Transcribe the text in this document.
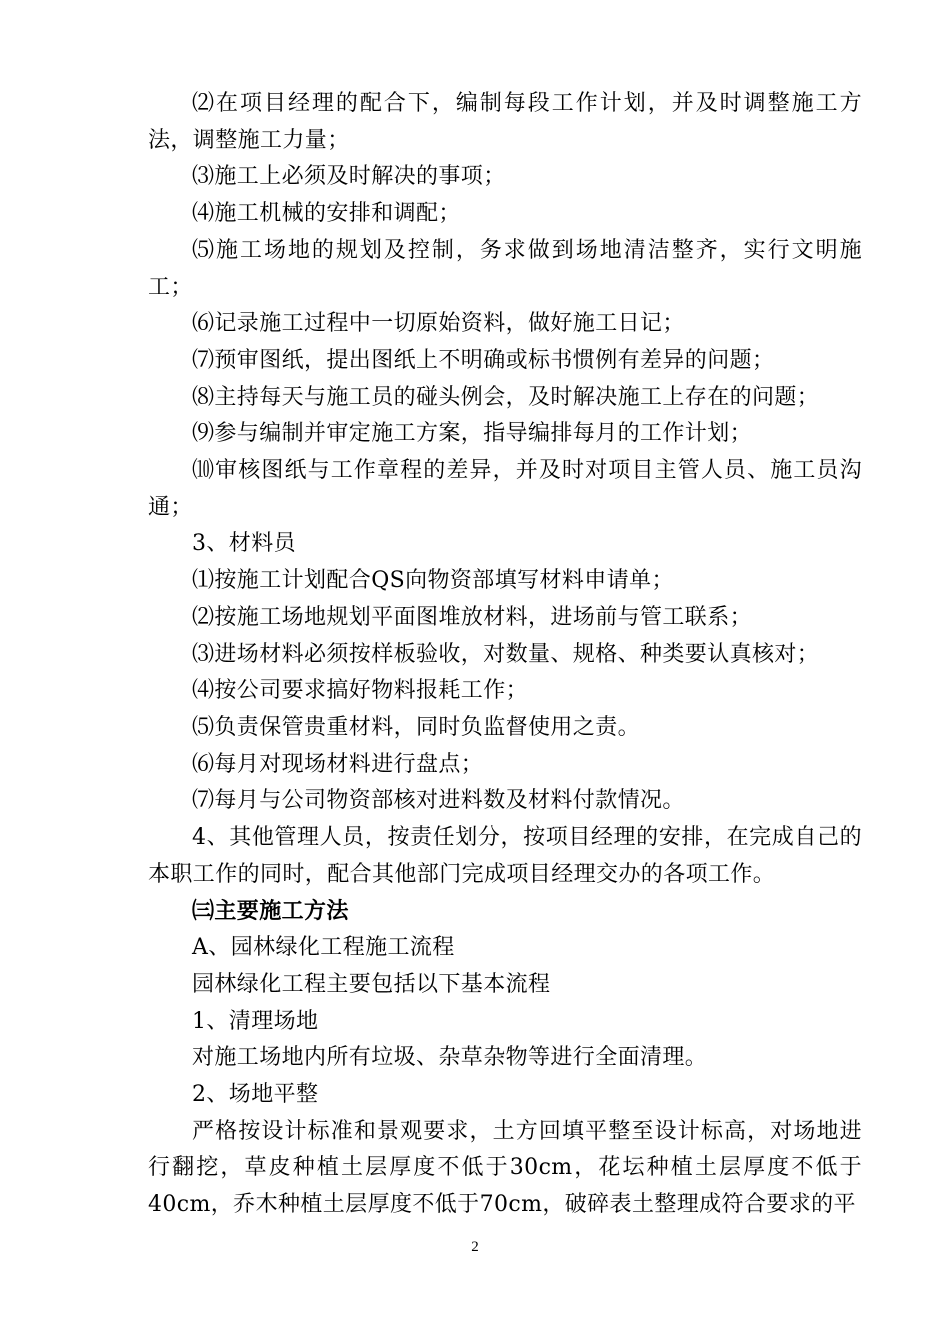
⑵在项目经理的配合下，编制每段工作计划，并及时调整施工方法，调整施工力量；

⑶施工上必须及时解决的事项；

⑷施工机械的安排和调配；

⑸施工场地的规划及控制，务求做到场地清洁整齐，实行文明施工；

⑹记录施工过程中一切原始资料，做好施工日记；

⑺预审图纸，提出图纸上不明确或标书惯例有差异的问题；

⑻主持每天与施工员的碰头例会，及时解决施工上存在的问题；

⑼参与编制并审定施工方案，指导编排每月的工作计划；

⑽审核图纸与工作章程的差异，并及时对项目主管人员、施工员沟通；

3、材料员

⑴按施工计划配合QS向物资部填写材料申请单；

⑵按施工场地规划平面图堆放材料，进场前与管工联系；

⑶进场材料必须按样板验收，对数量、规格、种类要认真核对；

⑷按公司要求搞好物料报耗工作；

⑸负责保管贵重材料，同时负监督使用之责。

⑹每月对现场材料进行盘点；

⑺每月与公司物资部核对进料数及材料付款情况。

4、其他管理人员，按责任划分，按项目经理的安排，在完成自己的本职工作的同时，配合其他部门完成项目经理交办的各项工作。

㈢主要施工方法

A、园林绿化工程施工流程

园林绿化工程主要包括以下基本流程

1、清理场地

对施工场地内所有垃圾、杂草杂物等进行全面清理。

2、场地平整

严格按设计标准和景观要求，土方回填平整至设计标高，对场地进行翻挖，草皮种植土层厚度不低于30cm，花坛种植土层厚度不低于40cm，乔木种植土层厚度不低于70cm，破碎表土整理成符合要求的平

2
